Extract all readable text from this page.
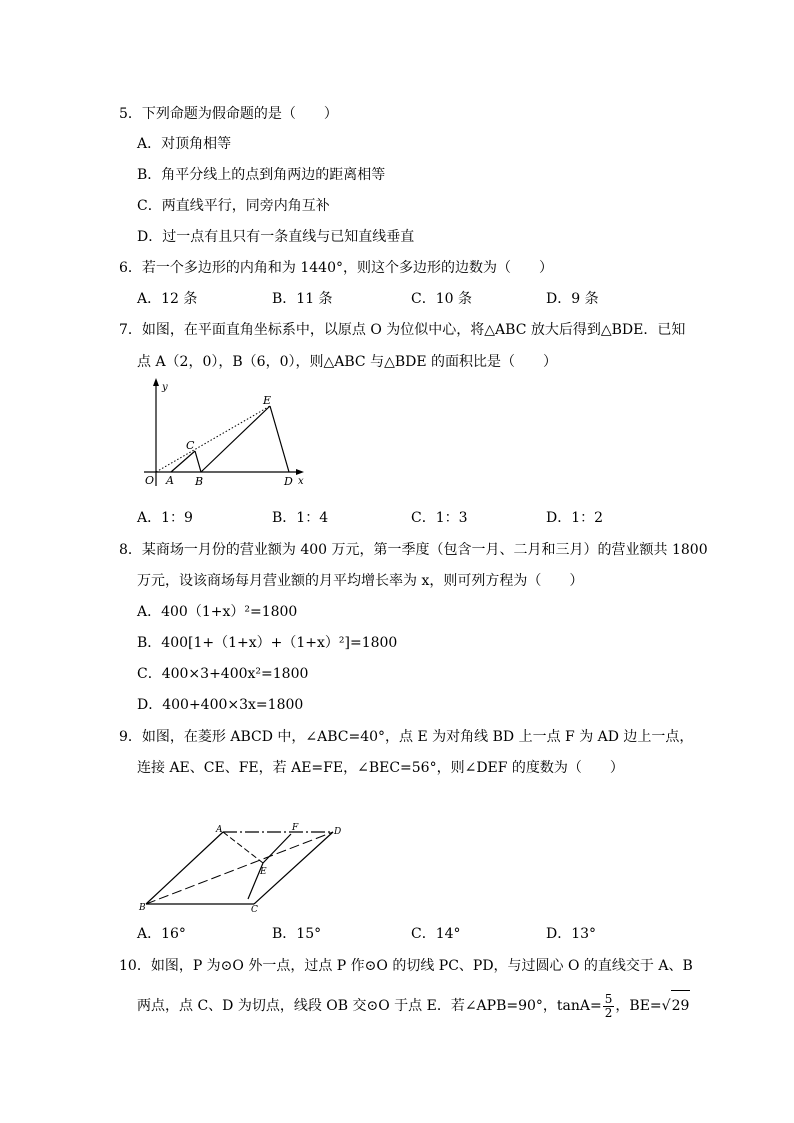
5．下列命题为假命题的是（　　）
A．对顶角相等
B．角平分线上的点到角两边的距离相等
C．两直线平行，同旁内角互补
D．过一点有且只有一条直线与已知直线垂直
6．若一个多边形的内角和为 1440°，则这个多边形的边数为（　　）
A．12 条	B．11 条	C．10 条	D．9 条
7．如图，在平面直角坐标系中，以原点 O 为位似中心，将△ABC 放大后得到△BDE．已知
点 A（2，0），B（6，0），则△ABC 与△BDE 的面积比是（　　）
y
x
O A B
C
D
E
A．1：9	B．1：4	C．1：3	D．1：2
8．某商场一月份的营业额为 400 万元，第一季度（包含一月、二月和三月）的营业额共 1800
万元，设该商场每月营业额的月平均增长率为 x，则可列方程为（　　）
A．400（1+x）²=1800
B．400[1+（1+x）+（1+x）²]=1800
C．400×3+400x²=1800
D．400+400×3x=1800
9．如图，在菱形 ABCD 中，∠ABC=40°，点 E 为对角线 BD 上一点 F 为 AD 边上一点，
连接 AE、CE、FE，若 AE=FE，∠BEC=56°，则∠DEF 的度数为（　　）
A
B	C
D
E
F
A．16°	B．15°	C．14°	D．13°
10．如图，P 为⊙O 外一点，过点 P 作⊙O 的切线 PC、PD，与过圆心 O 的直线交于 A、B
两点，点 C、D 为切点，线段 OB 交⊙O 于点 E．若∠APB=90°，$\tan A= \frac{5}{2}$ ，BE=√29
